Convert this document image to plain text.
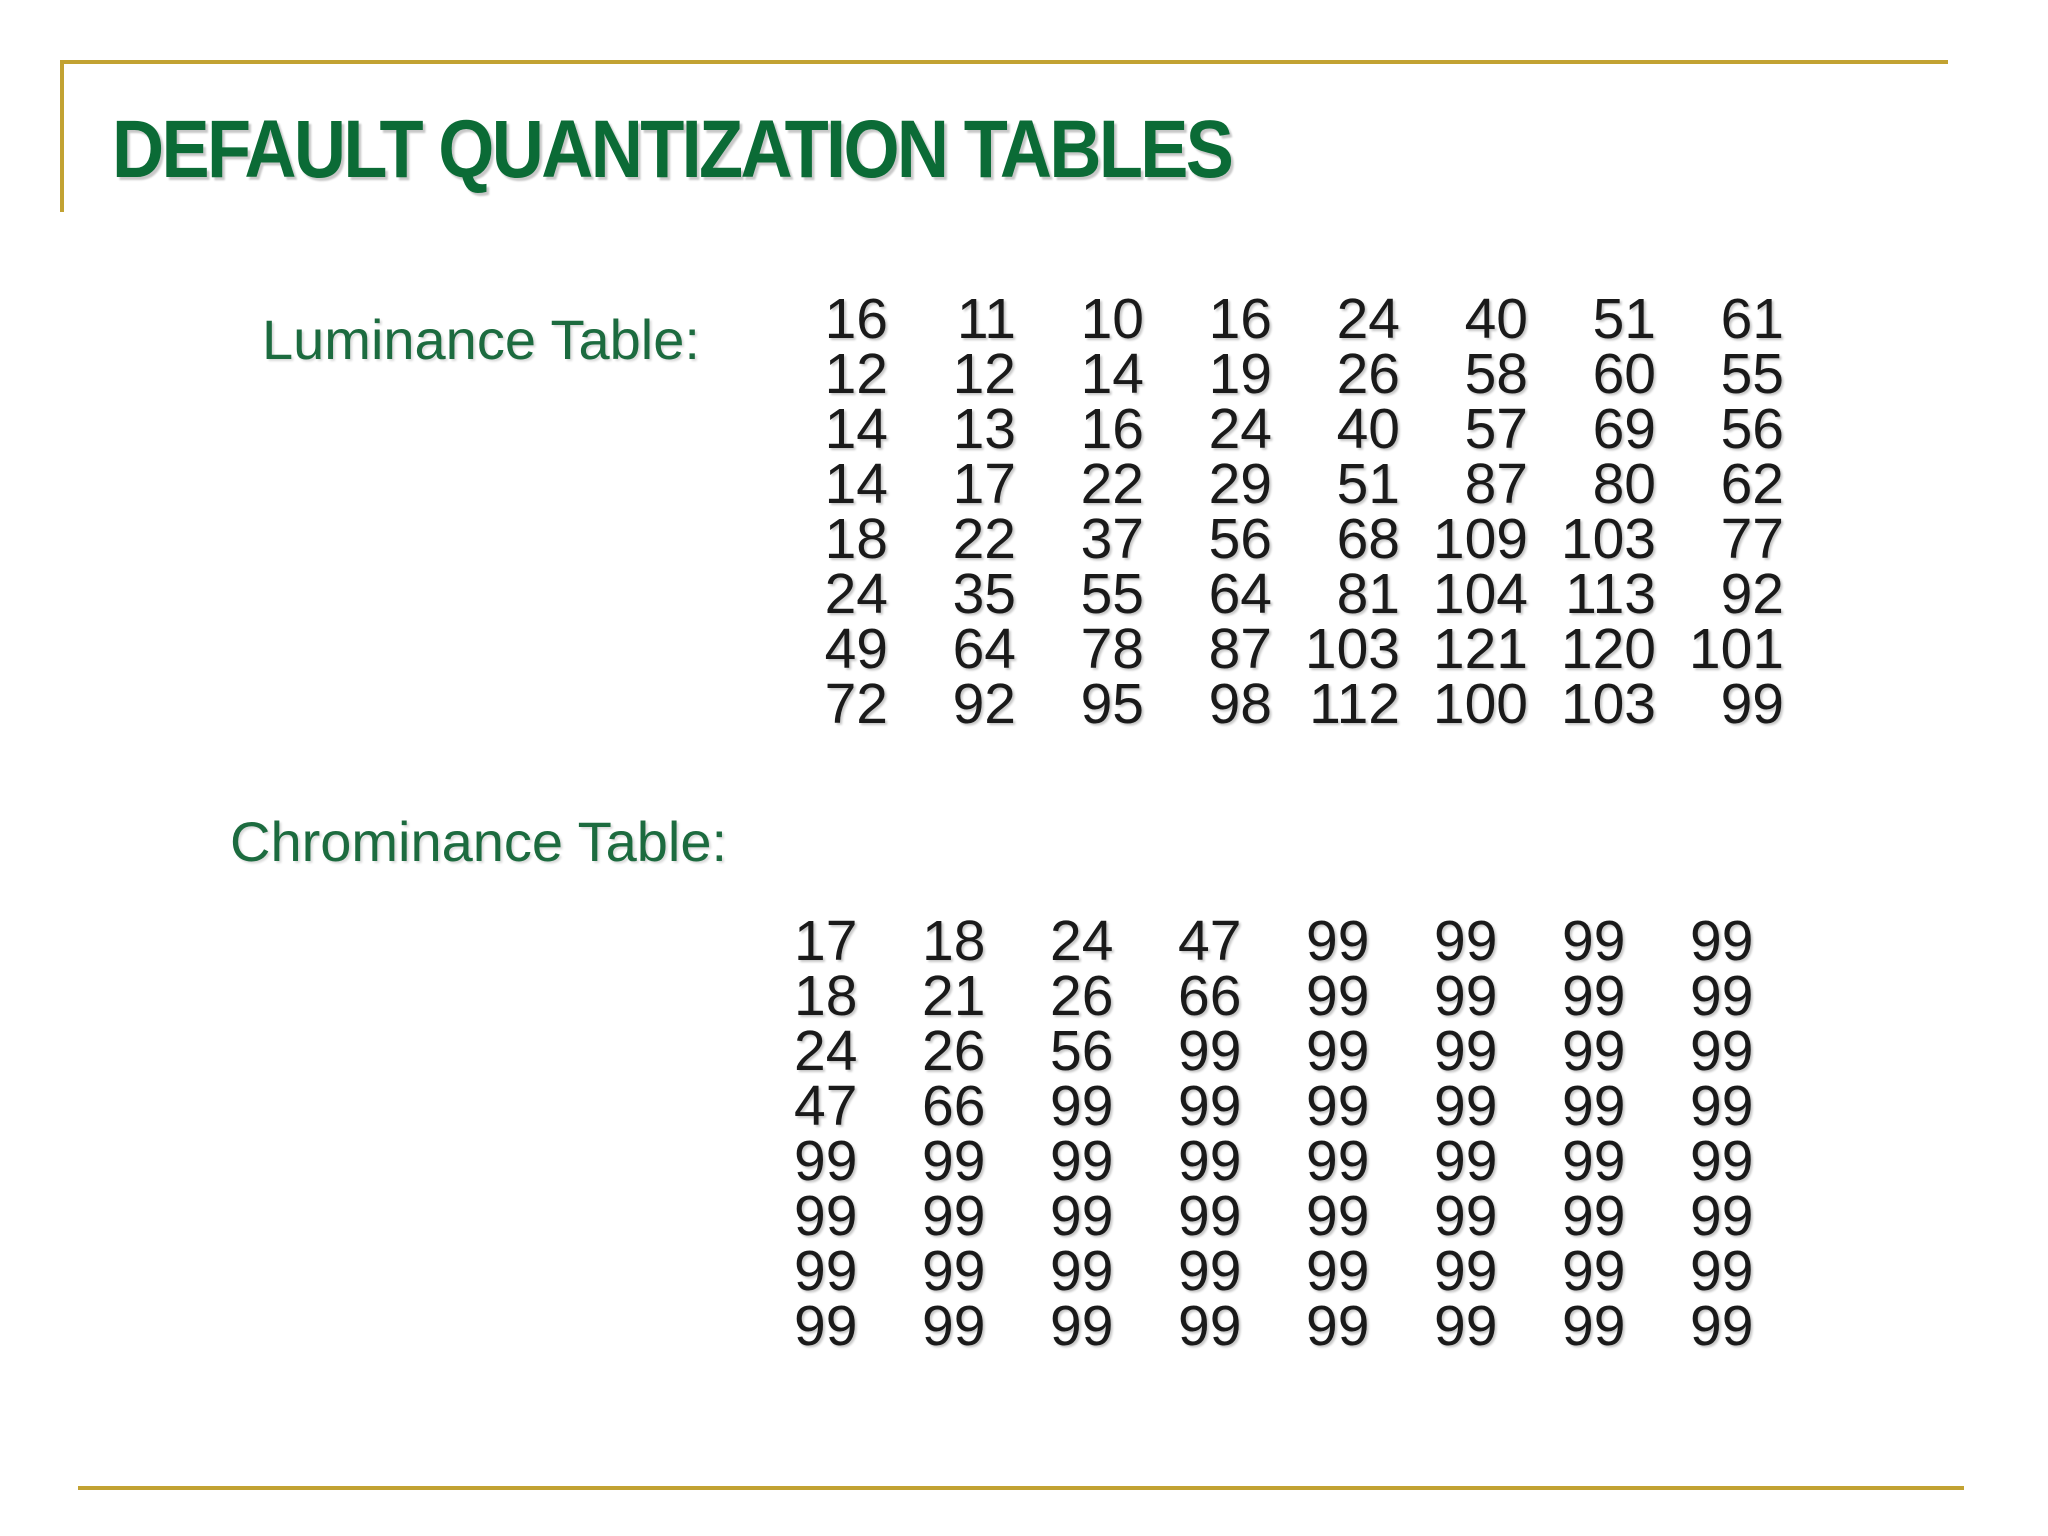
DEFAULT QUANTIZATION TABLES
Luminance Table: 16	11	10	16	24	40	51	61
12	12	14	19	26	58	60	55
14	13	16	24	40	57	69	56
14	17	22	29	51	87	80	62
18	22	37	56	68	109	103	77
24	35	55	64	81	104	113	92
49	64	78	87	103	121	120	101
72	92	95	98	112	100	103	99
Chrominance Table:
17	18	24	47	99	99	99	99
18	21	26	66	99	99	99	99
24	26	56	99	99	99	99	99
47	66	99	99	99	99	99	99
99	99	99	99	99	99	99	99
99	99	99	99	99	99	99	99
99	99	99	99	99	99	99	99
99	99	99	99	99	99	99	99
